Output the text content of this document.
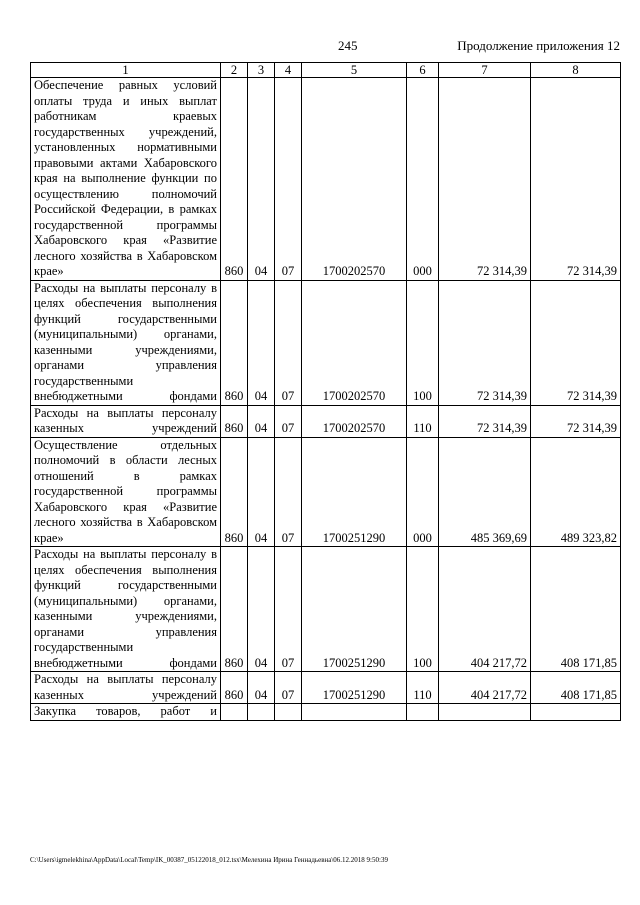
245	Продолжение приложения 12
1	2	3	4	5	6	7	8
Обеспечение равных условий оплаты труда и иных выплат работникам краевых государственных учреждений, установленных нормативными правовыми актами Хабаровского края на выполнение функции по осуществлению полномочий Российской Федерации, в рамках государственной программы Хабаровского края «Развитие лесного хозяйства в Хабаровском крае»	860	04	07	1700202570	000	72 314,39	72 314,39
Расходы на выплаты персоналу в целях обеспечения выполнения функций государственными (муниципальными) органами, казенными учреждениями, органами управления государственными внебюджетными фондами	860	04	07	1700202570	100	72 314,39	72 314,39
Расходы на выплаты персоналу казенных учреждений	860	04	07	1700202570	110	72 314,39	72 314,39
Осуществление отдельных полномочий в области лесных отношений в рамках государственной программы Хабаровского края «Развитие лесного хозяйства в Хабаровском крае»	860	04	07	1700251290	000	485 369,69	489 323,82
Расходы на выплаты персоналу в целях обеспечения выполнения функций государственными (муниципальными) органами, казенными учреждениями, органами управления государственными внебюджетными фондами	860	04	07	1700251290	100	404 217,72	408 171,85
Расходы на выплаты персоналу казенных учреждений	860	04	07	1700251290	110	404 217,72	408 171,85
Закупка товаров, работ и							
C:\Users\igmelekhina\AppData\Local\Temp\IK_00387_05122018_012.tsx\Мелехина Ирина Геннадьевна\06.12.2018 9:50:39
